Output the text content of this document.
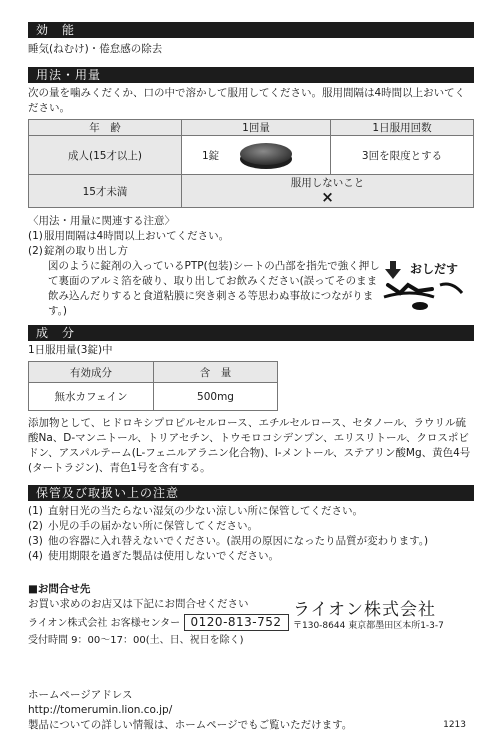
効　能
睡気(ねむけ)・倦怠感の除去
用法・用量
次の量を噛みくだくか、口の中で溶かして服用してください。服用間隔は4時間以上おいてください。
年　齢	1回量	1日服用回数
成人(15才以上)	1錠	3回を限度とする
15才未満	服用しないこと
×	
〈用法・用量に関連する注意〉
(1) 服用間隔は4時間以上おいてください。
(2) 錠剤の取り出し方
図のように錠剤の入っているPTP(包装)シートの凸部を指先で強く押して裏面のアルミ箔を破り、取り出してお飲みください(誤ってそのまま飲み込んだりすると食道粘膜に突き刺さる等思わぬ事故につながります。)
おしだす
成　分
1日服用量(3錠)中
有効成分	含　量
無水カフェイン	500mg
添加物として、ヒドロキシプロピルセルロース、エチルセルロース、セタノール、ラウリル硫酸Na、D-マンニトール、トリアセチン、トウモロコシデンプン、エリスリトール、クロスポビドン、アスパルテーム(L-フェニルアラニン化合物)、l-メントール、ステアリン酸Mg、黄色4号(タートラジン)、青色1号を含有する。
保管及び取扱い上の注意
(1) 直射日光の当たらない湿気の少ない涼しい所に保管してください。
(2) 小児の手の届かない所に保管してください。
(3) 他の容器に入れ替えないでください。(誤用の原因になったり品質が変わります。)
(4) 使用期限を過ぎた製品は使用しないでください。
■お問合せ先
お買い求めのお店又は下記にお問合せください
ライオン株式会社 お客様センター 0120-813-752
受付時間 9：00〜17：00(土、日、祝日を除く)
ライオン株式会社
〒130-8644 東京都墨田区本所1-3-7
ホームページアドレス
http://tomerumin.lion.co.jp/
製品についての詳しい情報は、ホームページでもご覧いただけます。	1213
